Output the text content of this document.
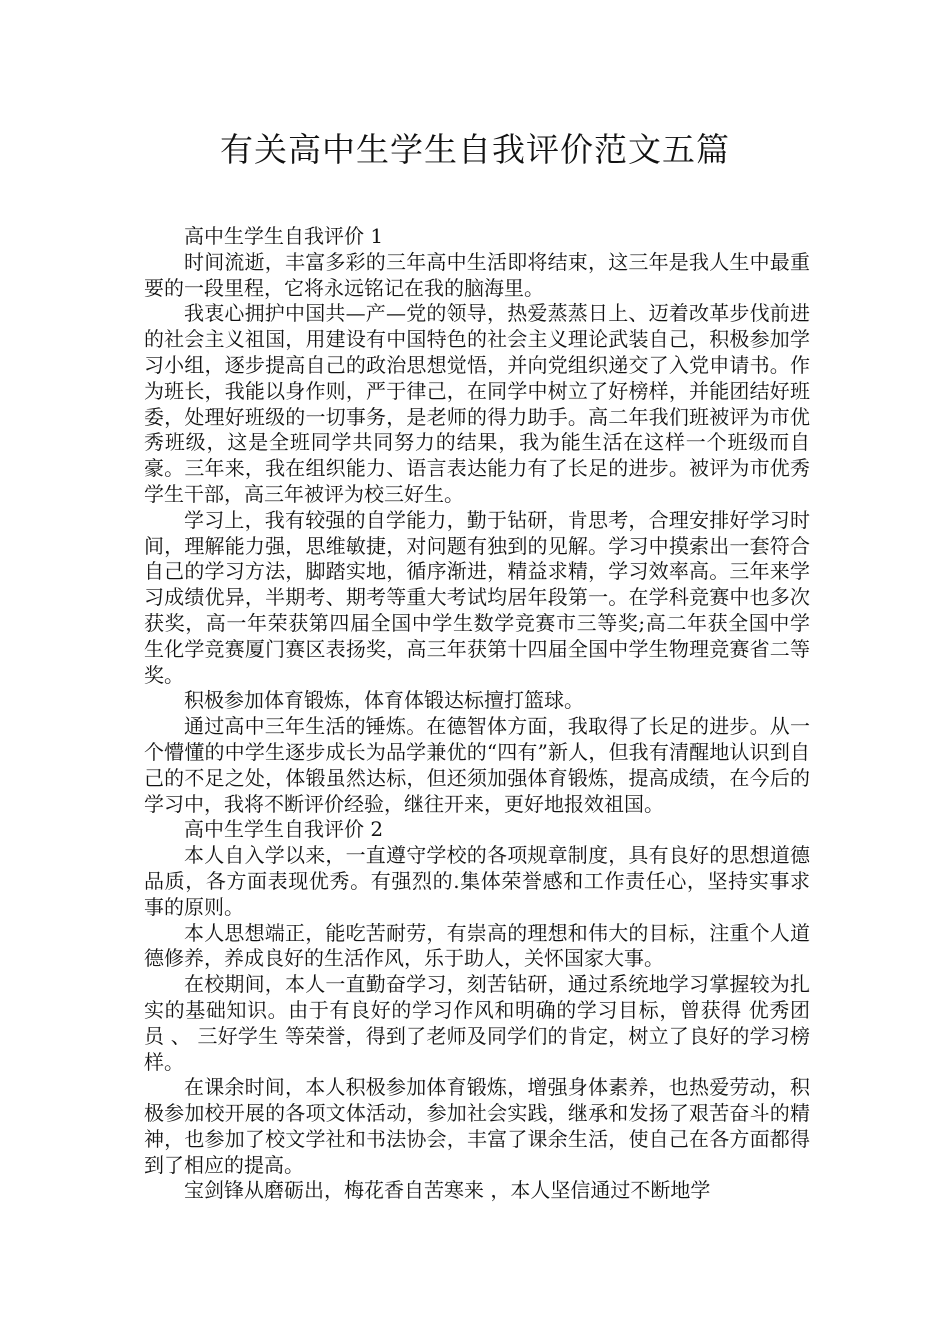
有关高中生学生自我评价范文五篇

高中生学生自我评价 1

时间流逝，丰富多彩的三年高中生活即将结束，这三年是我人生中最重要的一段里程，它将永远铭记在我的脑海里。

我衷心拥护中国共—产—党的领导，热爱蒸蒸日上、迈着改革步伐前进的社会主义祖国，用建设有中国特色的社会主义理论武装自己，积极参加学习小组，逐步提高自己的政治思想觉悟，并向党组织递交了入党申请书。作为班长，我能以身作则，严于律己，在同学中树立了好榜样，并能团结好班委，处理好班级的一切事务，是老师的得力助手。高二年我们班被评为市优秀班级，这是全班同学共同努力的结果，我为能生活在这样一个班级而自豪。三年来，我在组织能力、语言表达能力有了长足的进步。被评为市优秀学生干部，高三年被评为校三好生。

学习上，我有较强的自学能力，勤于钻研，肯思考，合理安排好学习时间，理解能力强，思维敏捷，对问题有独到的见解。学习中摸索出一套符合自己的学习方法，脚踏实地，循序渐进，精益求精，学习效率高。三年来学习成绩优异，半期考、期考等重大考试均居年段第一。在学科竞赛中也多次获奖，高一年荣获第四届全国中学生数学竞赛市三等奖;高二年获全国中学生化学竞赛厦门赛区表扬奖，高三年获第十四届全国中学生物理竞赛省二等奖。

积极参加体育锻炼，体育体锻达标擅打篮球。

通过高中三年生活的锤炼。在德智体方面，我取得了长足的进步。从一个懵懂的中学生逐步成长为品学兼优的“四有”新人，但我有清醒地认识到自己的不足之处，体锻虽然达标，但还须加强体育锻炼，提高成绩，在今后的学习中，我将不断评价经验，继往开来，更好地报效祖国。

高中生学生自我评价 2

本人自入学以来，一直遵守学校的各项规章制度，具有良好的思想道德品质，各方面表现优秀。有强烈的.集体荣誉感和工作责任心，坚持实事求事的原则。

本人思想端正，能吃苦耐劳，有崇高的理想和伟大的目标，注重个人道德修养，养成良好的生活作风，乐于助人，关怀国家大事。

在校期间，本人一直勤奋学习，刻苦钻研，通过系统地学习掌握较为扎实的基础知识。由于有良好的学习作风和明确的学习目标，曾获得 优秀团员 、 三好学生 等荣誉，得到了老师及同学们的肯定，树立了良好的学习榜样。

在课余时间，本人积极参加体育锻炼，增强身体素养，也热爱劳动，积极参加校开展的各项文体活动，参加社会实践，继承和发扬了艰苦奋斗的精神，也参加了校文学社和书法协会，丰富了课余生活，使自己在各方面都得到了相应的提高。

宝剑锋从磨砺出，梅花香自苦寒来 ，本人坚信通过不断地学
